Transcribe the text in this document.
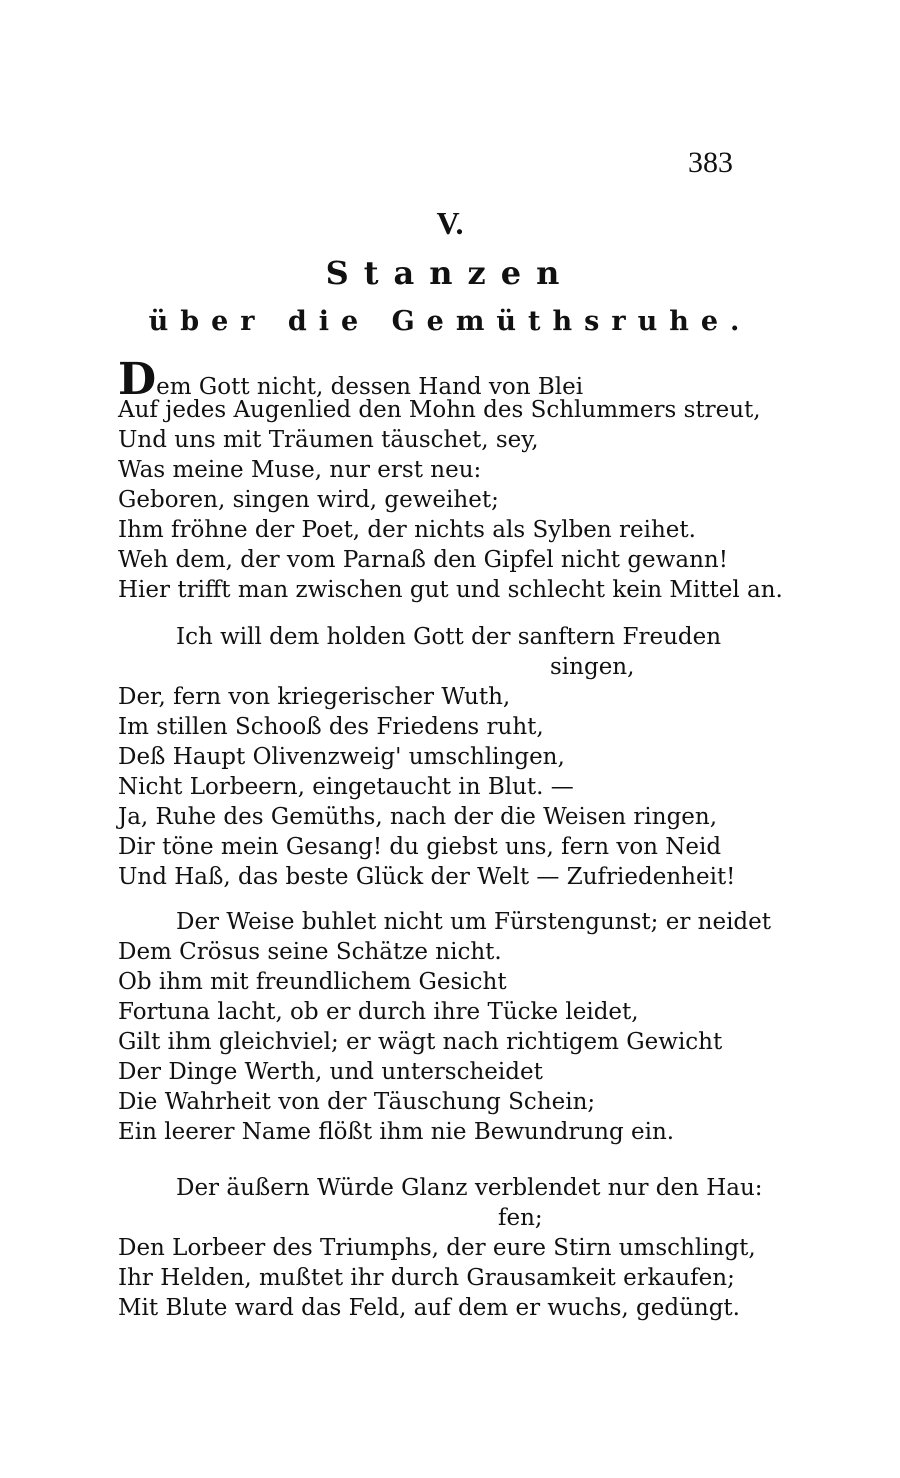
383
V.
Stanzen
über die Gemüthsruhe.
Dem Gott nicht, dessen Hand von Blei
Auf jedes Augenlied den Mohn des Schlummers streut,
Und uns mit Träumen täuschet, sey,
Was meine Muse, nur erst neu:
Geboren, singen wird, geweihet;
Ihm fröhne der Poet, der nichts als Sylben reihet.
Weh dem, der vom Parnaß den Gipfel nicht gewann!
Hier trifft man zwischen gut und schlecht kein Mittel an.
Ich will dem holden Gott der sanftern Freuden
singen,
Der, fern von kriegerischer Wuth,
Im stillen Schooß des Friedens ruht,
Deß Haupt Olivenzweig' umschlingen,
Nicht Lorbeern, eingetaucht in Blut. —
Ja, Ruhe des Gemüths, nach der die Weisen ringen,
Dir töne mein Gesang! du giebst uns, fern von Neid
Und Haß, das beste Glück der Welt — Zufriedenheit!
Der Weise buhlet nicht um Fürstengunst; er neidet
Dem Crösus seine Schätze nicht.
Ob ihm mit freundlichem Gesicht
Fortuna lacht, ob er durch ihre Tücke leidet,
Gilt ihm gleichviel; er wägt nach richtigem Gewicht
Der Dinge Werth, und unterscheidet
Die Wahrheit von der Täuschung Schein;
Ein leerer Name flößt ihm nie Bewundrung ein.
Der äußern Würde Glanz verblendet nur den Hau:
fen;
Den Lorbeer des Triumphs, der eure Stirn umschlingt,
Ihr Helden, mußtet ihr durch Grausamkeit erkaufen;
Mit Blute ward das Feld, auf dem er wuchs, gedüngt.
